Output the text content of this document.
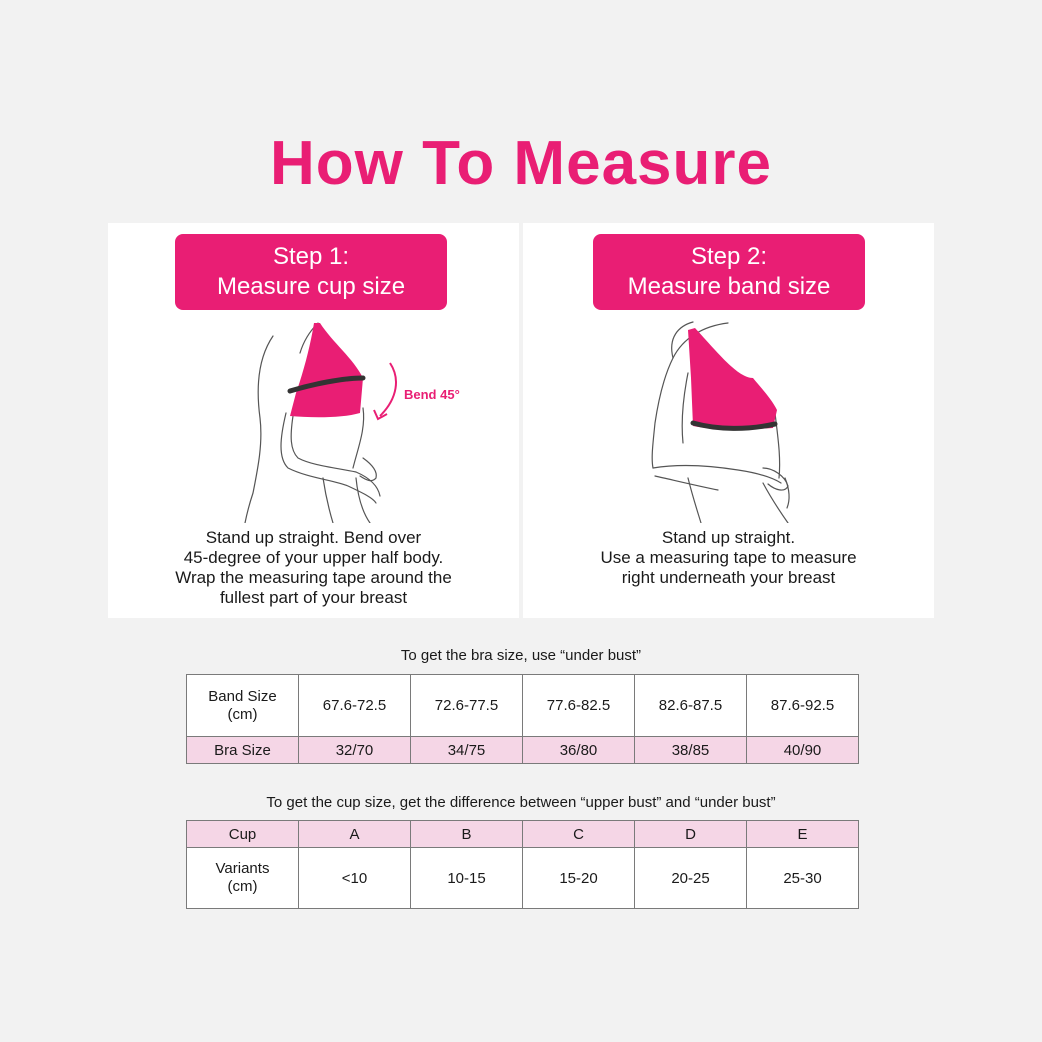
How To Measure
Step 1:
Measure cup size
Bend 45°
Stand up straight. Bend over
45-degree of your upper half body.
Wrap the measuring tape around the
fullest part of your breast
Step 2:
Measure band size
Stand up straight.
Use a measuring tape to measure
right underneath your breast
To get the bra size, use “under bust”
Band Size
(cm)	67.6-72.5	72.6-77.5	77.6-82.5	82.6-87.5	87.6-92.5
Bra Size	32/70	34/75	36/80	38/85	40/90
To get the cup size, get the difference between “upper bust” and “under bust”
Cup	A	B	C	D	E

Variants
(cm)	<10	10-15	15-20	20-25	25-30
